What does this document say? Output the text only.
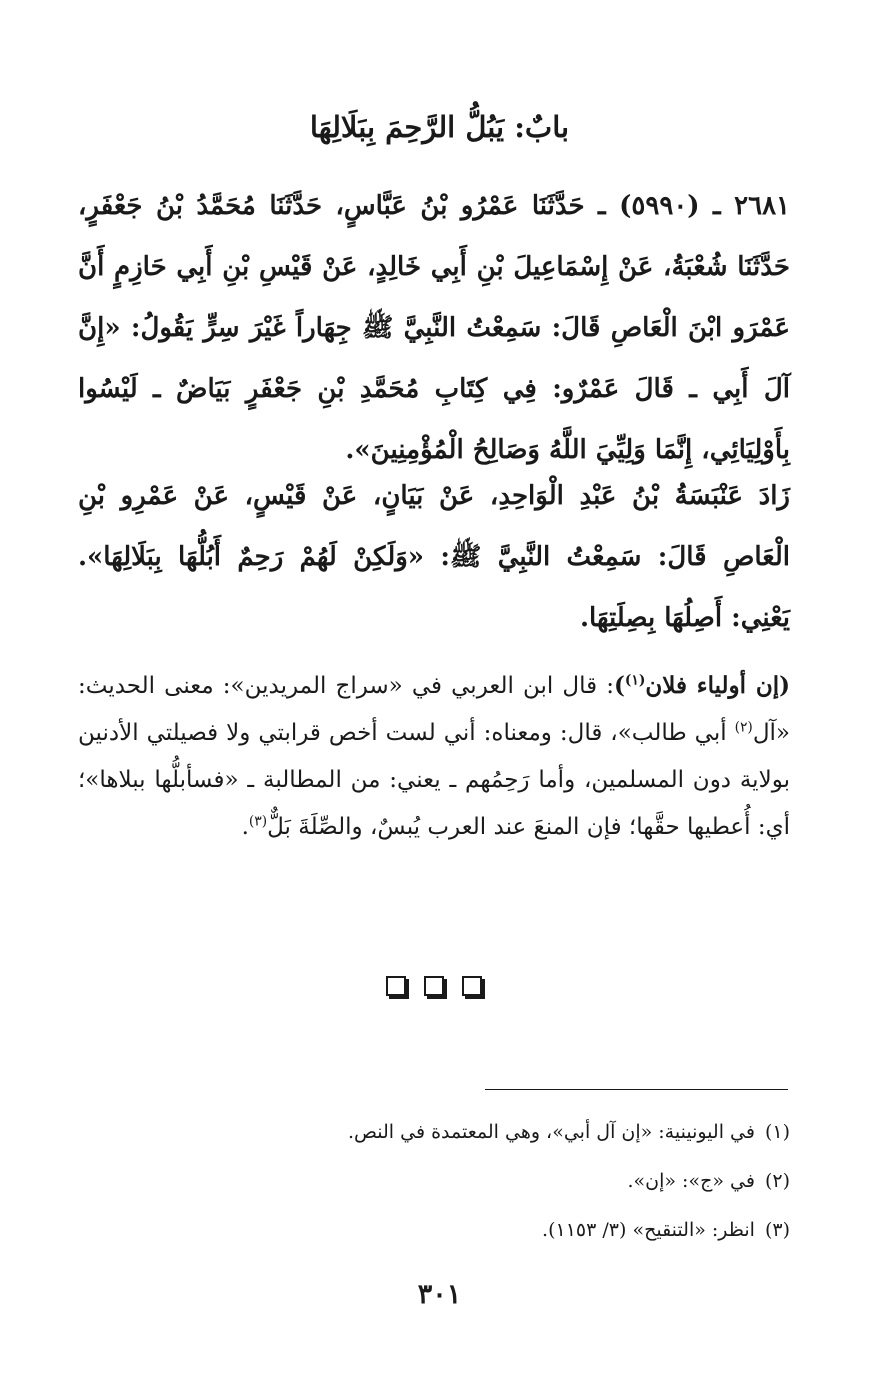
بابٌ: يَبُلُّ الرَّحِمَ بِبَلَالِهَا
٢٦٨١ ـ (٥٩٩٠) ـ حَدَّثَنَا عَمْرُو بْنُ عَبَّاسٍ، حَدَّثَنَا مُحَمَّدُ بْنُ جَعْفَرٍ، حَدَّثَنَا شُعْبَةُ، عَنْ إِسْمَاعِيلَ بْنِ أَبِي خَالِدٍ، عَنْ قَيْسِ بْنِ أَبِي حَازِمٍ أَنَّ عَمْرَو ابْنَ الْعَاصِ قَالَ: سَمِعْتُ النَّبِيَّ ﷺ جِهَاراً غَيْرَ سِرٍّ يَقُولُ: «إِنَّ آلَ أَبِي ـ قَالَ عَمْرٌو: فِي كِتَابِ مُحَمَّدِ بْنِ جَعْفَرٍ بَيَاضٌ ـ لَيْسُوا بِأَوْلِيَائِي، إِنَّمَا وَلِيِّيَ اللَّهُ وَصَالِحُ الْمُؤْمِنِينَ».
زَادَ عَنْبَسَةُ بْنُ عَبْدِ الْوَاحِدِ، عَنْ بَيَانٍ، عَنْ قَيْسٍ، عَنْ عَمْرِو بْنِ الْعَاصِ قَالَ: سَمِعْتُ النَّبِيَّ ﷺ: «وَلَكِنْ لَهُمْ رَحِمٌ أَبُلُّهَا بِبَلَالِهَا». يَعْنِي: أَصِلُهَا بِصِلَتِهَا.
(إن أولياء فلان$^{(١)}$): قال ابن العربي في «سراج المريدين»: معنى الحديث: «آل$^{(٢)}$ أبي طالب»، قال: ومعناه: أني لست أخص قرابتي ولا فصيلتي الأدنين بولاية دون المسلمين، وأما رَحِمُهم ـ يعني: من المطالبة ـ «فسأبلُّها ببلاها»؛ أي: أُعطيها حقَّها؛ فإن المنعَ عند العرب يُبسٌ، والصِّلَةَ بَلٌّ$^{(٣)}$.
(١)في اليونينية: «إن آل أبي»، وهي المعتمدة في النص.
(٢)في «ج»: «إن».
(٣)انظر: «التنقيح» (٣/ ١١٥٣).
٣٠١
